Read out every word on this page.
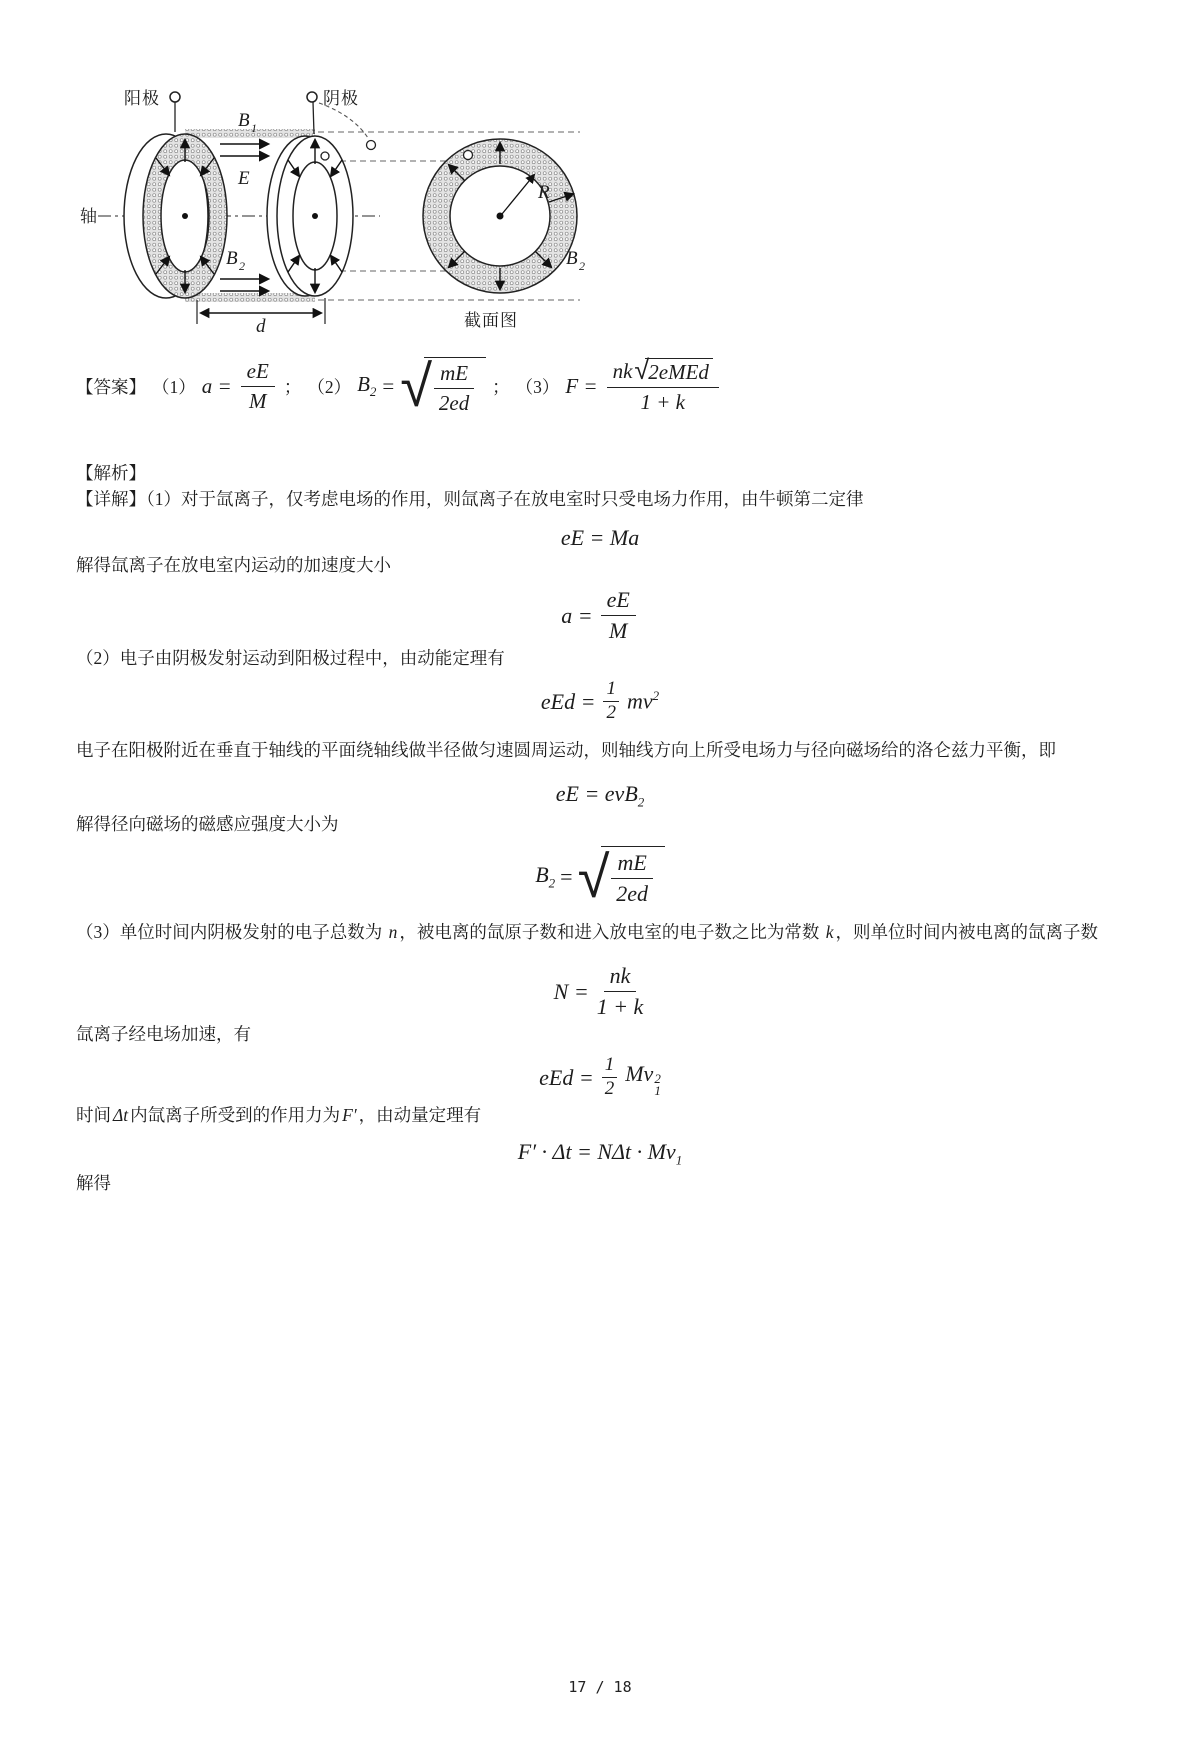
轴
阳极	阴极
B 1
E
B 2
d
R
B 2
截面图
【答案】 （1） $a = \frac{eE}{M}$ ； （2） $B_2$ = √ $\frac{mE}{2ed}$ ； （3） $F = \frac{\text{nk √ 2eMEd}}{1 + k}$
【解析】

【详解】（1）对于氙离子，仅考虑电场的作用，则氙离子在放电室时只受电场力作用，由牛顿第二定律

eE = Ma

解得氙离子在放电室内运动的加速度大小

$a = \frac{eE}{M}$

（2）电子由阴极发射运动到阳极过程中，由动能定理有

eEd = $\frac{1}{2} mv^2$

电子在阳极附近在垂直于轴线的平面绕轴线做半径做匀速圆周运动，则轴线方向上所受电场力与径向磁场给的洛仑兹力平衡，即

eE = evB$_2$

解得径向磁场的磁感应强度大小为

$B_2$ = √ $\frac{mE}{2ed}$

（3）单位时间内阴极发射的电子总数为 n ，被电离的氙原子数和进入放电室的电子数之比为常数 k ，则单位时间内被电离的氙离子数

$N = \frac{nk}{1 + k}$

氙离子经电场加速，有

eEd = $\frac{1}{2}$ Mv 2
1

时间 Δt 内氙离子所受到的作用力为 F′ ，由动量定理有

$F' \cdot \Delta t = N\Delta t \cdot Mv_1$

解得

17 / 18
